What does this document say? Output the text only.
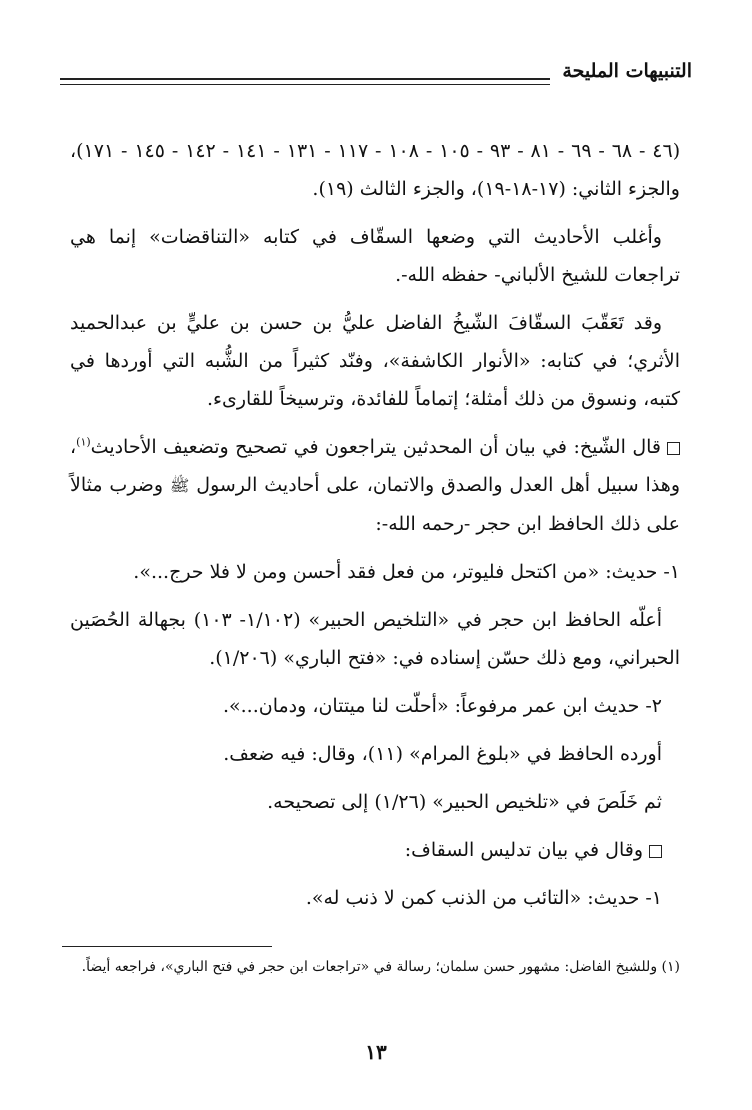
التنبيهات المليحة

(٤٦ - ٦٨ - ٦٩ - ٨١ - ٩٣ - ١٠٥ - ١٠٨ - ١١٧ - ١٣١ - ١٤١ - ١٤٢ - ١٤٥ - ١٧١)، والجزء الثاني: (١٧-١٨-١٩)، والجزء الثالث (١٩).

وأغلب الأحاديث التي وضعها السقّاف في كتابه «التناقضات» إنما هي تراجعات للشيخ الألباني- حفظه الله-.

وقد تَعَقّبَ السقّافَ الشّيخُ الفاضل عليُّ بن حسن بن عليٍّ بن عبدالحميد الأثري؛ في كتابه: «الأنوار الكاشفة»، وفنّد كثيراً من الشُّبه التي أوردها في كتبه، ونسوق من ذلك أمثلة؛ إتماماً للفائدة، وترسيخاً للقارىء.

قال الشّيخ: في بيان أن المحدثين يتراجعون في تصحيح وتضعيف الأحاديث$^{(١)}$، وهذا سبيل أهل العدل والصدق والاتمان، على أحاديث الرسول ﷺ وضرب مثالاً على ذلك الحافظ ابن حجر -رحمه الله-:

١- حديث: «من اكتحل فليوتر، من فعل فقد أحسن ومن لا فلا حرج...».

أعلّه الحافظ ابن حجر في «التلخيص الحبير» (١/١٠٢- ١٠٣) بجهالة الحُصَين الحبراني، ومع ذلك حسّن إسناده في: «فتح الباري» (١/٢٠٦).

٢- حديث ابن عمر مرفوعاً: «أحلّت لنا ميتتان، ودمان...».

أورده الحافظ في «بلوغ المرام» (١١)، وقال: فيه ضعف.

ثم خَلَصَ في «تلخيص الحبير» (١/٢٦) إلى تصحيحه.

وقال في بيان تدليس السقاف:

١- حديث: «التائب من الذنب كمن لا ذنب له».

(١) وللشيخ الفاضل: مشهور حسن سلمان؛ رسالة في «تراجعات ابن حجر في فتح الباري»، فراجعه أيضاً.
١٣
